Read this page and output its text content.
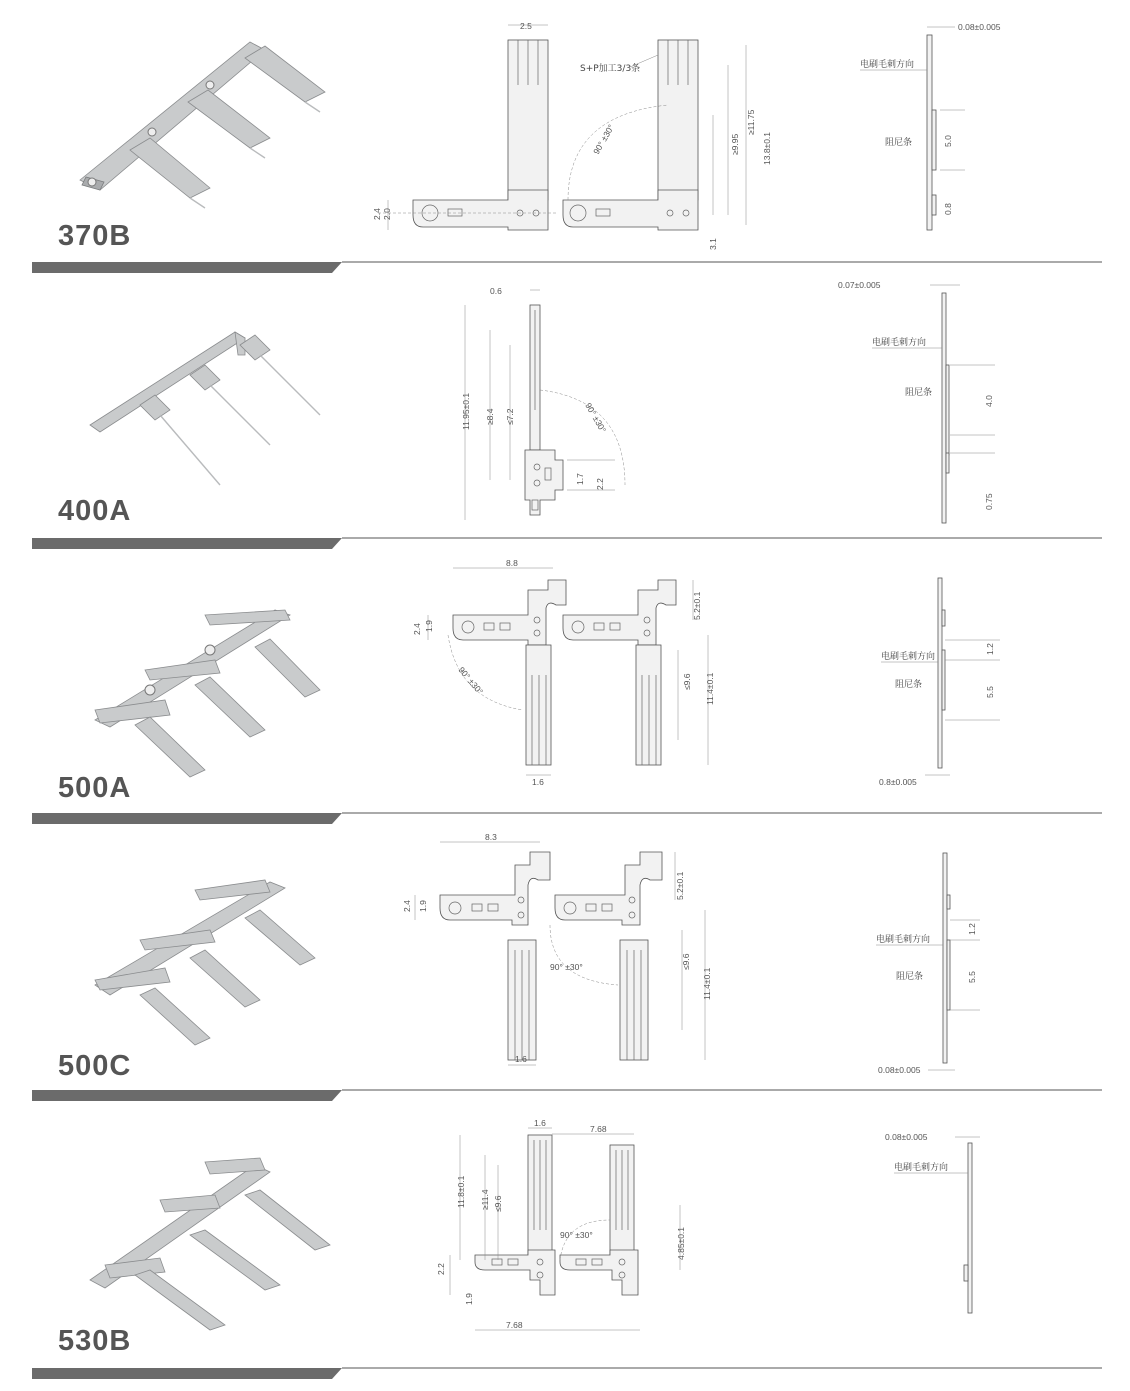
370B
2.5
S+P加工3/3条
90° ±30°	13.8±0.1
≥11.75
≥9.95
2.4 2.0
3.1
0.08±0.005
电刷毛刺方向
阻尼条	5.0
0.8
400A
0.6
11.95±0.1 ≥8.4 ≤7.2	90° ±30°
1.7 2.2
0.07±0.005
电刷毛刺方向
阻尼条
4.0
0.75
500A
8.8
2.4 1.9
90° ±30°
5.2±0.1
≤9.6 11.4±0.1
1.6
1.2
5.5
电刷毛刺方向
阻尼条
0.8±0.005
500C
8.3
2.4 1.9
90° ±30°
5.2±0.1
≤9.6
11.4±0.1
1.6
1.2
5.5
电刷毛刺方向
阻尼条
0.08±0.005
530B
1.6
7.68
11.8±0.1 ≥11.4 ≤9.6
90° ±30°	4.85±0.1
2.2
1.9
7.68
0.08±0.005
电刷毛刺方向
